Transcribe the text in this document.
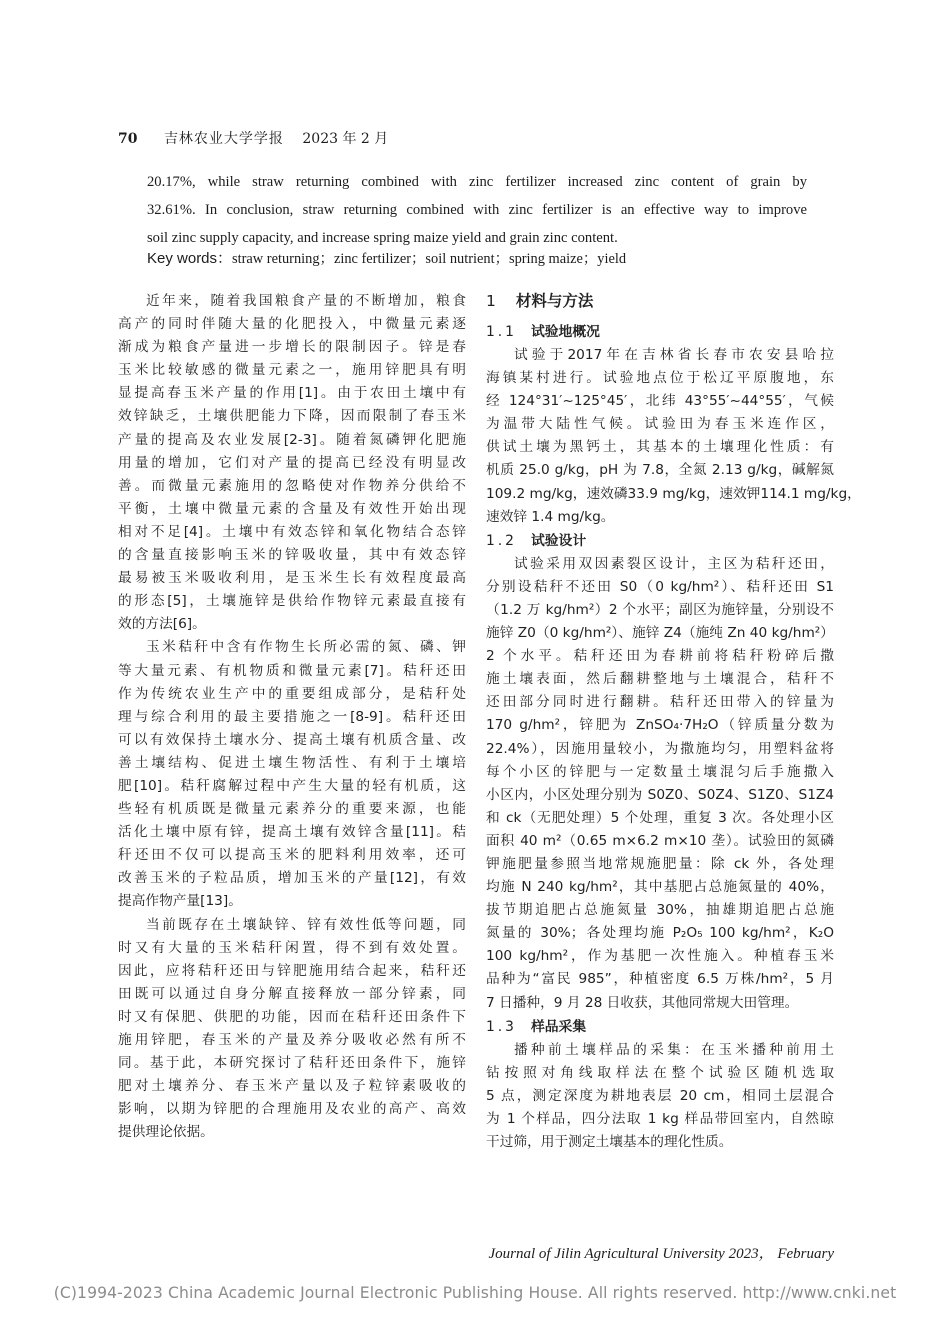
70 吉林农业大学学报 2023 年 2 月
20.17%, while straw returning combined with zinc fertilizer increased zinc content of grain by
32.61%. In conclusion, straw returning combined with zinc fertilizer is an effective way to improve
soil zinc supply capacity, and increase spring maize yield and grain zinc content.
Key words：straw returning；zinc fertilizer；soil nutrient；spring maize；yield
近年来，随着我国粮食产量的不断增加，粮食
高产的同时伴随大量的化肥投入，中微量元素逐
渐成为粮食产量进一步增长的限制因子。锌是春
玉米比较敏感的微量元素之一，施用锌肥具有明
显提高春玉米产量的作用[1]。由于农田土壤中有
效锌缺乏，土壤供肥能力下降，因而限制了春玉米
产量的提高及农业发展[2-3]。随着氮磷钾化肥施
用量的增加，它们对产量的提高已经没有明显改
善。而微量元素施用的忽略使对作物养分供给不
平衡，土壤中微量元素的含量及有效性开始出现
相对不足[4]。土壤中有效态锌和氧化物结合态锌
的含量直接影响玉米的锌吸收量，其中有效态锌
最易被玉米吸收利用，是玉米生长有效程度最高
的形态[5]，土壤施锌是供给作物锌元素最直接有
效的方法[6]。
玉米秸秆中含有作物生长所必需的氮、磷、钾
等大量元素、有机物质和微量元素[7]。秸秆还田
作为传统农业生产中的重要组成部分，是秸秆处
理与综合利用的最主要措施之一[8-9]。秸秆还田
可以有效保持土壤水分、提高土壤有机质含量、改
善土壤结构、促进土壤生物活性、有利于土壤培
肥[10]。秸秆腐解过程中产生大量的轻有机质，这
些轻有机质既是微量元素养分的重要来源，也能
活化土壤中原有锌，提高土壤有效锌含量[11]。秸
秆还田不仅可以提高玉米的肥料利用效率，还可
改善玉米的子粒品质，增加玉米的产量[12]，有效
提高作物产量[13]。
当前既存在土壤缺锌、锌有效性低等问题，同
时又有大量的玉米秸秆闲置，得不到有效处置。
因此，应将秸秆还田与锌肥施用结合起来，秸秆还
田既可以通过自身分解直接释放一部分锌素，同
时又有保肥、供肥的功能，因而在秸秆还田条件下
施用锌肥，春玉米的产量及养分吸收必然有所不
同。基于此，本研究探讨了秸秆还田条件下，施锌
肥对土壤养分、春玉米产量以及子粒锌素吸收的
影响，以期为锌肥的合理施用及农业的高产、高效
提供理论依据。
1 材料与方法
1.1 试验地概况
试验于2017年在吉林省长春市农安县哈拉
海镇某村进行。试验地点位于松辽平原腹地，东
经 124°31′~125°45′，北纬 43°55′~44°55′，气候
为温带大陆性气候。试验田为春玉米连作区，
供试土壤为黑钙土，其基本的土壤理化性质：有
机质 25.0 g/kg，pH 为 7.8，全氮 2.13 g/kg，碱解氮
109.2 mg/kg，速效磷33.9 mg/kg，速效钾114.1 mg/kg，
速效锌 1.4 mg/kg。
1.2 试验设计
试验采用双因素裂区设计，主区为秸秆还田，
分别设秸秆不还田 S0（0 kg/hm²）、秸秆还田 S1
（1.2 万 kg/hm²）2 个水平；副区为施锌量，分别设不
施锌 Z0（0 kg/hm²）、施锌 Z4（施纯 Zn 40 kg/hm²）
2 个水平。秸秆还田为春耕前将秸秆粉碎后撒
施土壤表面，然后翻耕整地与土壤混合，秸秆不
还田部分同时进行翻耕。秸秆还田带入的锌量为
170 g/hm²，锌肥为 ZnSO₄·7H₂O（锌质量分数为
22.4%），因施用量较小，为撒施均匀，用塑料盆将
每个小区的锌肥与一定数量土壤混匀后手施撒入
小区内，小区处理分别为 S0Z0、S0Z4、S1Z0、S1Z4
和 ck（无肥处理）5 个处理，重复 3 次。各处理小区
面积 40 m²（0.65 m×6.2 m×10 垄）。试验田的氮磷
钾施肥量参照当地常规施肥量：除 ck 外，各处理
均施 N 240 kg/hm²，其中基肥占总施氮量的 40%，
拔节期追肥占总施氮量 30%，抽雄期追肥占总施
氮量的 30%；各处理均施 P₂O₅ 100 kg/hm²，K₂O
100 kg/hm²，作为基肥一次性施入。种植春玉米
品种为“富民 985”，种植密度 6.5 万株/hm²，5 月
7 日播种，9 月 28 日收获，其他同常规大田管理。
1.3 样品采集
播种前土壤样品的采集：在玉米播种前用土
钻按照对角线取样法在整个试验区随机选取
5 点，测定深度为耕地表层 20 cm，相同土层混合
为 1 个样品，四分法取 1 kg 样品带回室内，自然晾
干过筛，用于测定土壤基本的理化性质。
Journal of Jilin Agricultural University 2023， February
(C)1994-2023 China Academic Journal Electronic Publishing House. All rights reserved. http://www.cnki.net
